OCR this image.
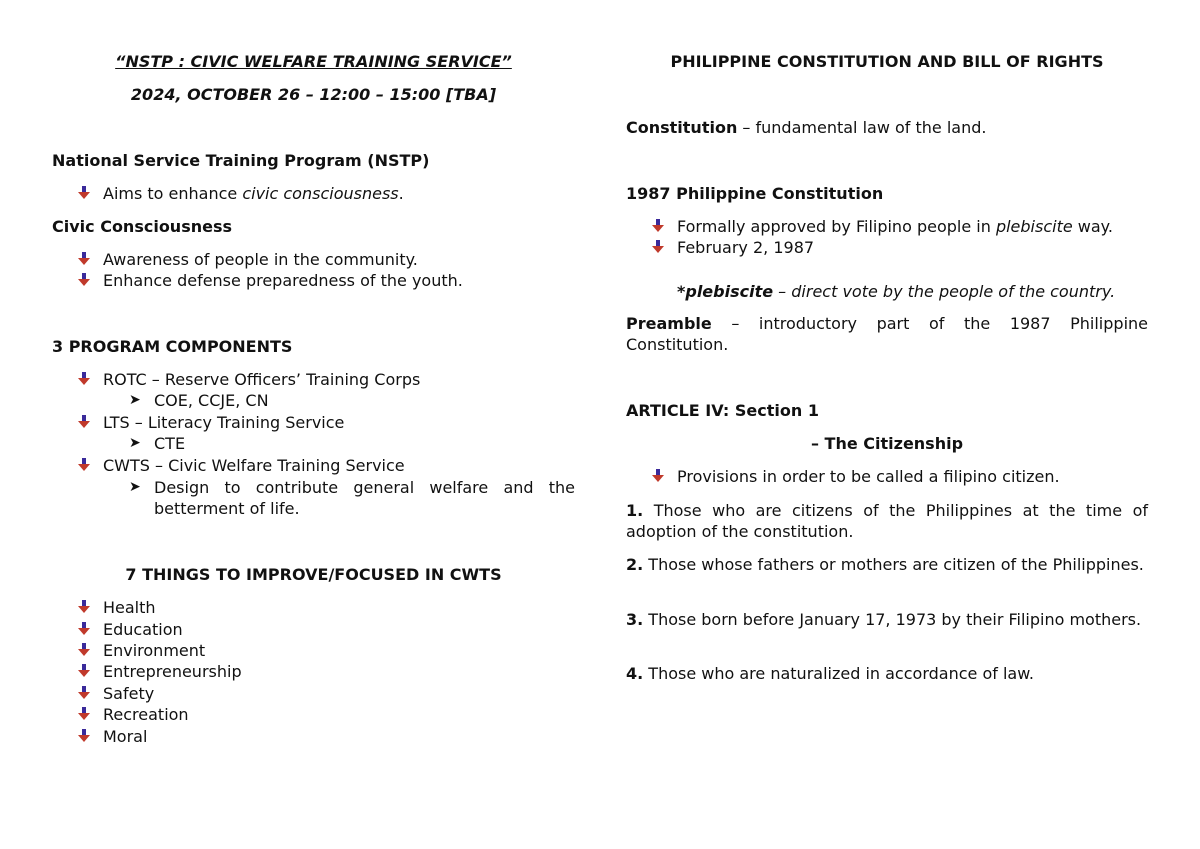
“NSTP : CIVIC WELFARE TRAINING SERVICE”
2024, OCTOBER 26 – 12:00 – 15:00 [TBA]
National Service Training Program (NSTP)
Aims to enhance civic consciousness.
Civic Consciousness
Awareness of people in the community.
Enhance defense preparedness of the youth.
3 PROGRAM COMPONENTS
ROTC – Reserve Officers’ Training Corps
➤ COE, CCJE, CN
LTS – Literacy Training Service
➤ CTE
CWTS – Civic Welfare Training Service
➤ Design to contribute general welfare and the betterment of life.
7 THINGS TO IMPROVE/FOCUSED IN CWTS
Health
Education
Environment
Entrepreneurship
Safety
Recreation
Moral
PHILIPPINE CONSTITUTION AND BILL OF RIGHTS
Constitution – fundamental law of the land.
1987 Philippine Constitution
Formally approved by Filipino people in plebiscite way.
February 2, 1987
*plebiscite – direct vote by the people of the country.
Preamble – introductory part of the 1987 Philippine Constitution.
ARTICLE IV: Section 1
– The Citizenship
Provisions in order to be called a filipino citizen.
1. Those who are citizens of the Philippines at the time of adoption of the constitution.
2. Those whose fathers or mothers are citizen of the Philippines.
3. Those born before January 17, 1973 by their Filipino mothers.
4. Those who are naturalized in accordance of law.
